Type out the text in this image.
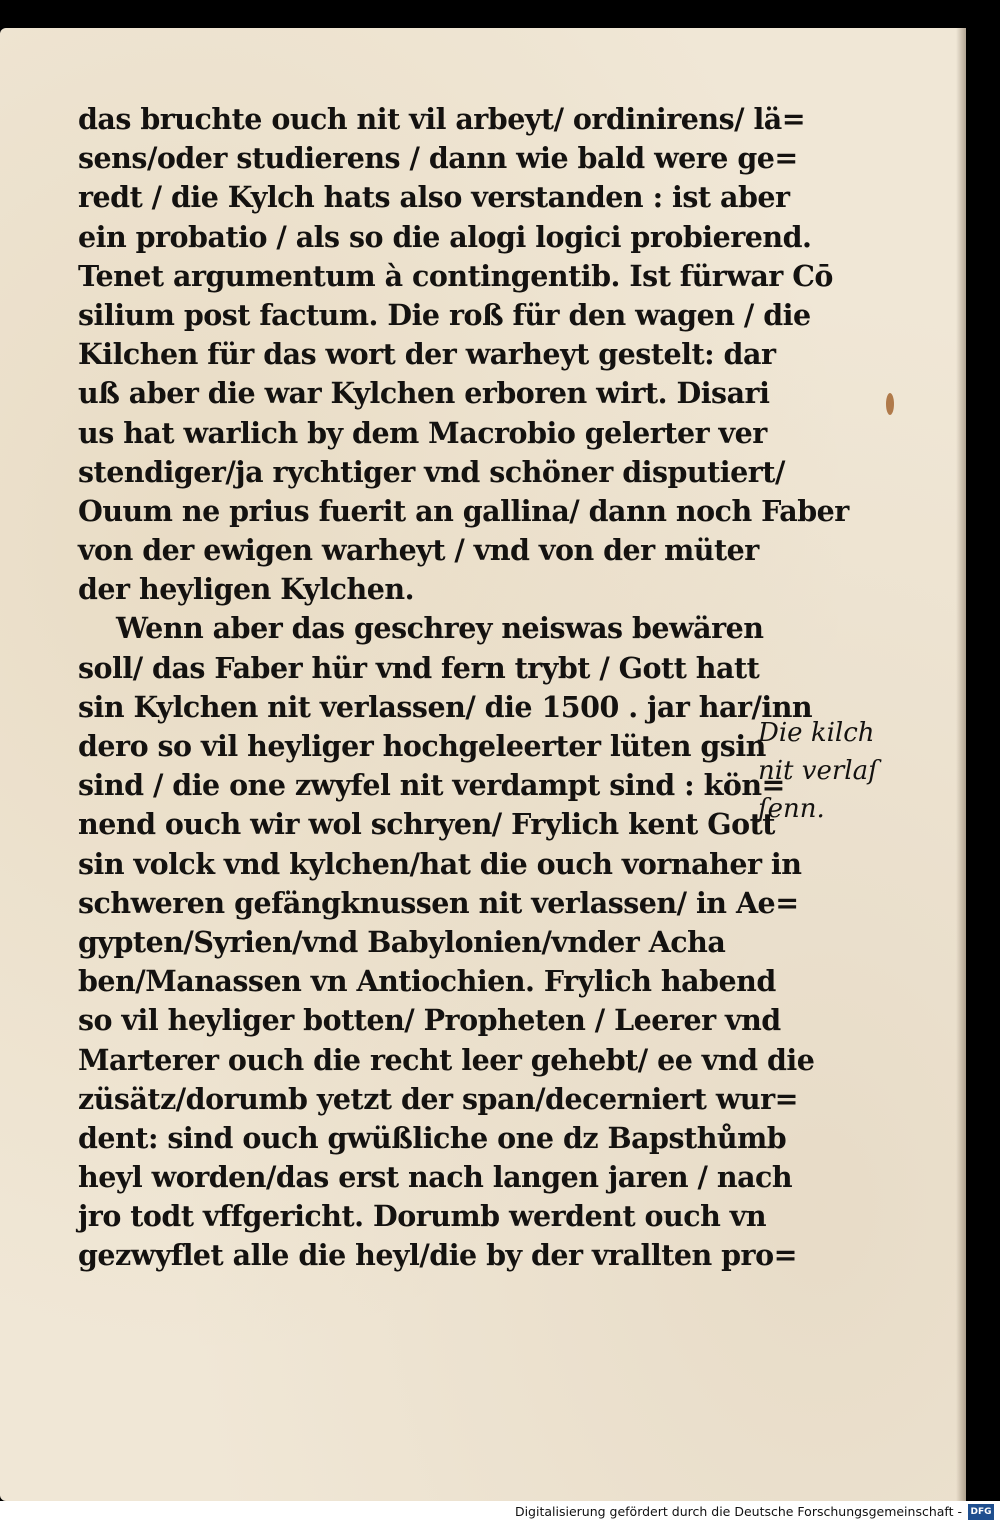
das bruchte ouch nit vil arbeyt/ ordinirens/ lä=
sens/oder studierens / dann wie bald were ge=
redt / die Kylch hats also verstanden : ist aber
ein probatio / als so die alogi logici probierend.
Tenet argumentum à contingentib. Ist fürwar Cō
silium post factum. Die roß für den wagen / die
Kilchen für das wort der warheyt gestelt: dar
uß aber die war Kylchen erboren wirt. Disari
us hat warlich by dem Macrobio gelerter ver
stendiger/ja rychtiger vnd schöner disputiert/
Ouum ne prius fuerit an gallina/ dann noch Faber
von der ewigen warheyt / vnd von der müter
der heyligen Kylchen.
Wenn aber das geschrey neiswas bewären
soll/ das Faber hür vnd fern trybt / Gott hatt
sin Kylchen nit verlassen/ die 1500 . jar har/inn
dero so vil heyliger hochgeleerter lüten gsin
sind / die one zwyfel nit verdampt sind : kön=
nend ouch wir wol schryen/ Frylich kent Gott
sin volck vnd kylchen/hat die ouch vornaher in
schweren gefängknussen nit verlassen/ in Ae=
gypten/Syrien/vnd Babylonien/vnder Acha
ben/Manassen vn Antiochien. Frylich habend
so vil heyliger botten/ Propheten / Leerer vnd
Marterer ouch die recht leer gehebt/ ee vnd die
züsätz/dorumb yetzt der span/decerniert wur=
dent: sind ouch gwüßliche one dz Bapsthůmb
heyl worden/das erst nach langen jaren / nach
jro todt vffgericht. Dorumb werdent ouch vn
gezwyflet alle die heyl/die by der vrallten pro=
Die kilch
nit verlaſ
ſenn.
Digitalisierung gefördert durch die Deutsche Forschungsgemeinschaft - DFG
